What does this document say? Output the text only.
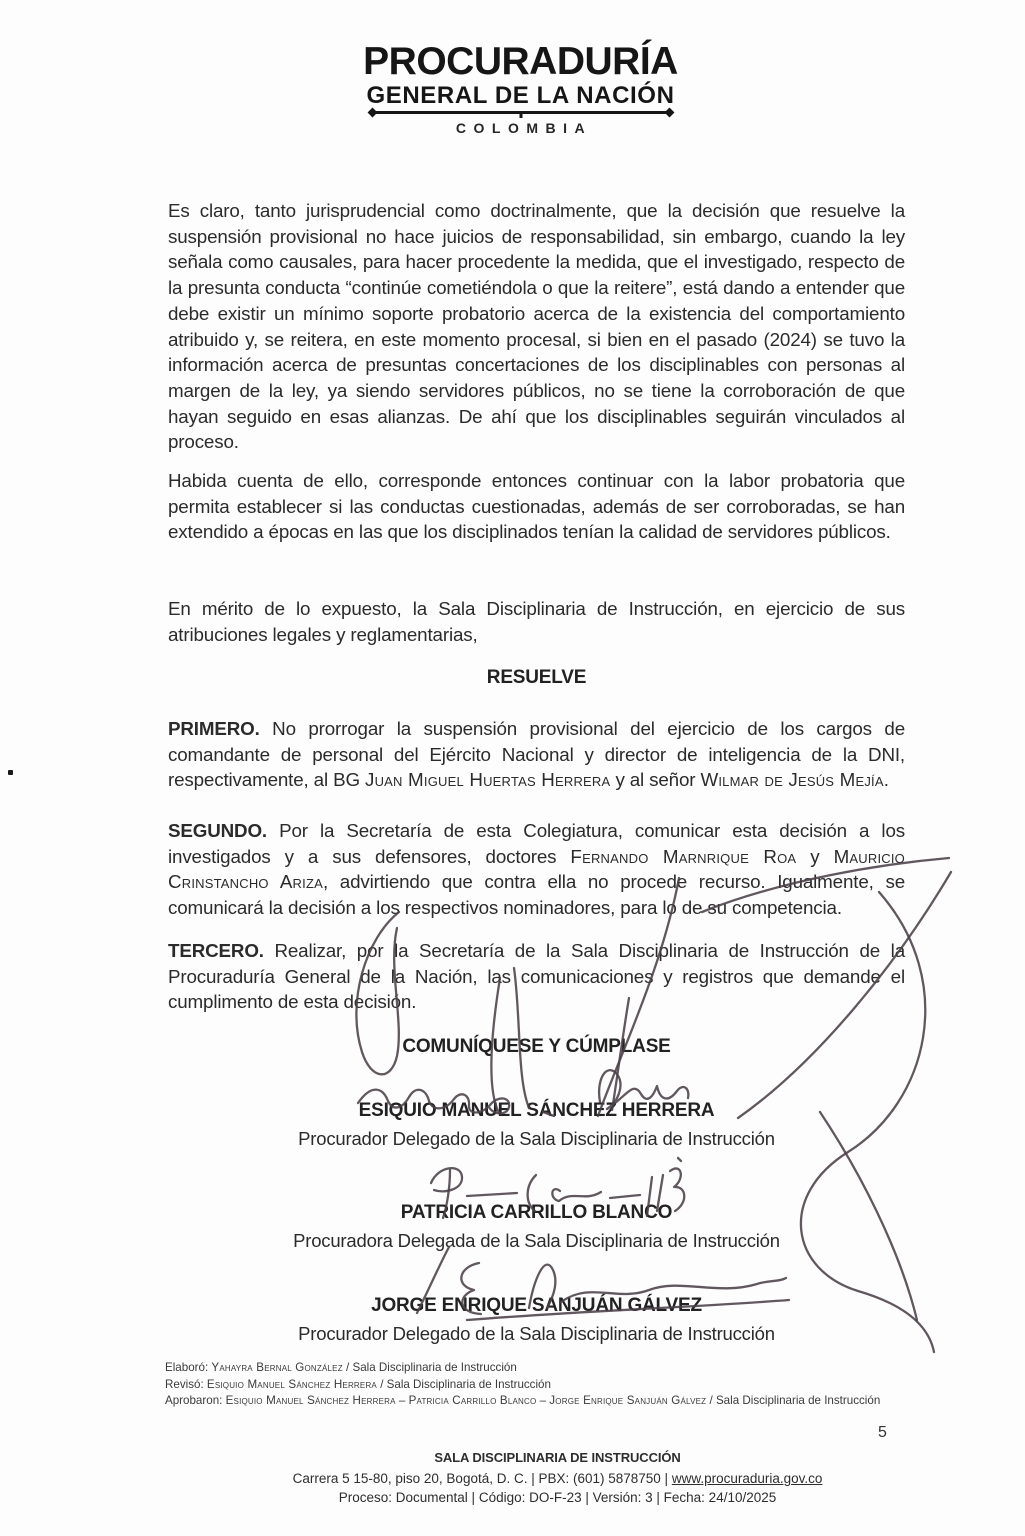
PROCURADURÍA
GENERAL DE LA NACIÓN
COLOMBIA

Es claro, tanto jurisprudencial como doctrinalmente, que la decisión que resuelve la suspensión provisional no hace juicios de responsabilidad, sin embargo, cuando la ley señala como causales, para hacer procedente la medida, que el investigado, respecto de la presunta conducta “continúe cometiéndola o que la reitere”, está dando a entender que debe existir un mínimo soporte probatorio acerca de la existencia del comportamiento atribuido y, se reitera, en este momento procesal, si bien en el pasado (2024) se tuvo la información acerca de presuntas concertaciones de los disciplinables con personas al margen de la ley, ya siendo servidores públicos, no se tiene la corroboración de que hayan seguido en esas alianzas. De ahí que los disciplinables seguirán vinculados al proceso.

Habida cuenta de ello, corresponde entonces continuar con la labor probatoria que permita establecer si las conductas cuestionadas, además de ser corroboradas, se han extendido a épocas en las que los disciplinados tenían la calidad de servidores públicos.

En mérito de lo expuesto, la Sala Disciplinaria de Instrucción, en ejercicio de sus atribuciones legales y reglamentarias,

RESUELVE

PRIMERO. No prorrogar la suspensión provisional del ejercicio de los cargos de comandante de personal del Ejército Nacional y director de inteligencia de la DNI, respectivamente, al BG Juan Miguel Huertas Herrera y al señor Wilmar de Jesús Mejía.

SEGUNDO. Por la Secretaría de esta Colegiatura, comunicar esta decisión a los investigados y a sus defensores, doctores Fernando Marnrique Roa y Mauricio Crinstancho Ariza, advirtiendo que contra ella no procede recurso. Igualmente, se comunicará la decisión a los respectivos nominadores, para lo de su competencia.

TERCERO. Realizar, por la Secretaría de la Sala Disciplinaria de Instrucción de la Procuraduría General de la Nación, las comunicaciones y registros que demande el cumplimento de esta decisión.

COMUNÍQUESE Y CÚMPLASE
ESIQUIO MANUEL SÁNCHEZ HERRERA
Procurador Delegado de la Sala Disciplinaria de Instrucción
PATRICIA CARRILLO BLANCO
Procuradora Delegada de la Sala Disciplinaria de Instrucción
JORGE ENRIQUE SANJUÁN GÁLVEZ
Procurador Delegado de la Sala Disciplinaria de Instrucción
Elaboró: Yahayra Bernal González / Sala Disciplinaria de Instrucción
Revisó: Esiquio Manuel Sánchez Herrera / Sala Disciplinaria de Instrucción
Aprobaron: Esiquio Manuel Sánchez Herrera – Patricia Carrillo Blanco – Jorge Enrique Sanjuán Gálvez / Sala Disciplinaria de Instrucción
5
SALA DISCIPLINARIA DE INSTRUCCIÓN
Carrera 5 15-80, piso 20, Bogotá, D. C. | PBX: (601) 5878750 | www.procuraduria.gov.co
Proceso: Documental | Código: DO-F-23 | Versión: 3 | Fecha: 24/10/2025
